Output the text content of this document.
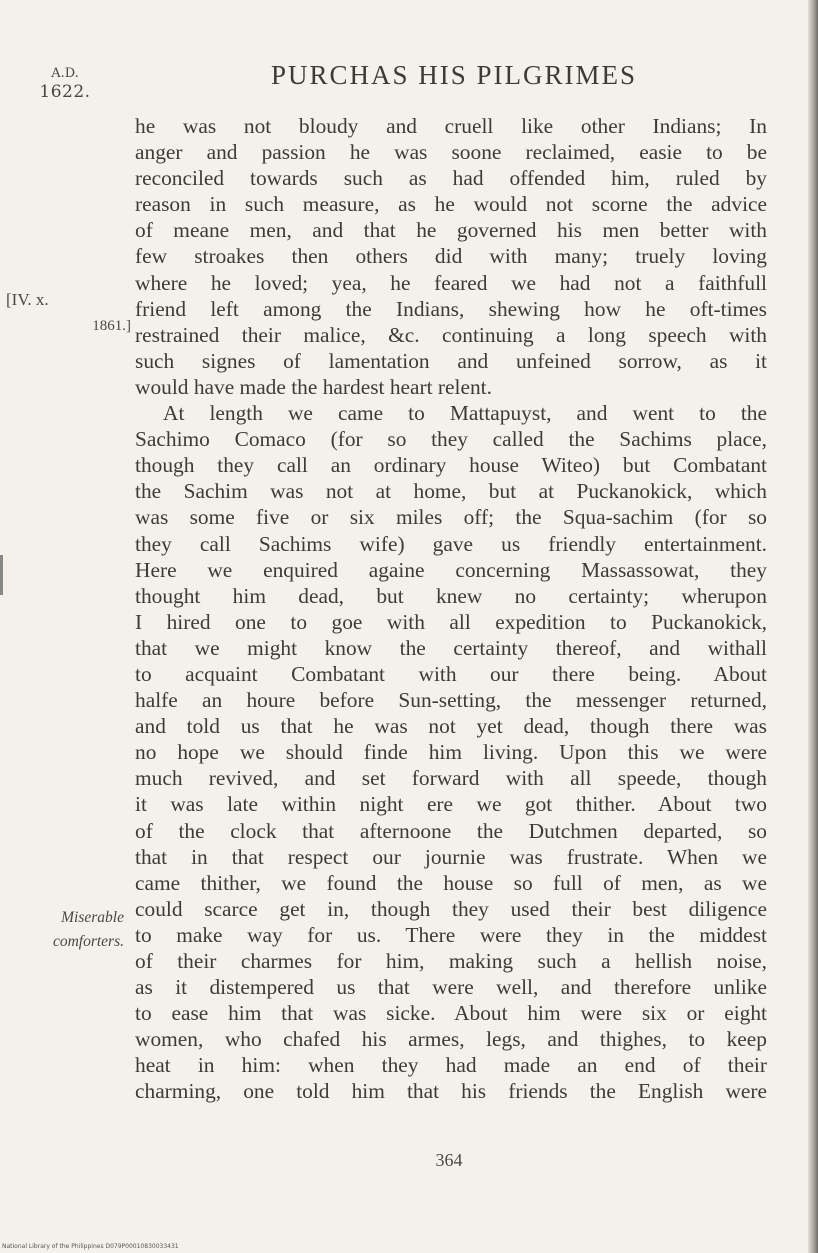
A.D.
1622.
PURCHAS HIS PILGRIMES
[IV. x.
1861.]
Miserable
comforters.
he was not bloudy and cruell like other Indians; In
anger and passion he was soone reclaimed, easie to be
reconciled towards such as had offended him, ruled by
reason in such measure, as he would not scorne the advice
of meane men, and that he governed his men better with
few stroakes then others did with many; truely loving
where he loved; yea, he feared we had not a faithfull
friend left among the Indians, shewing how he oft-times
restrained their malice, &c. continuing a long speech with
such signes of lamentation and unfeined sorrow, as it
would have made the hardest heart relent.
At length we came to Mattapuyst, and went to the
Sachimo Comaco (for so they called the Sachims place,
though they call an ordinary house Witeo) but Combatant
the Sachim was not at home, but at Puckanokick, which
was some five or six miles off; the Squa-sachim (for so
they call Sachims wife) gave us friendly entertainment.
Here we enquired againe concerning Massassowat, they
thought him dead, but knew no certainty; wherupon
I hired one to goe with all expedition to Puckanokick,
that we might know the certainty thereof, and withall
to acquaint Combatant with our there being. About
halfe an houre before Sun-setting, the messenger returned,
and told us that he was not yet dead, though there was
no hope we should finde him living. Upon this we were
much revived, and set forward with all speede, though
it was late within night ere we got thither. About two
of the clock that afternoone the Dutchmen departed, so
that in that respect our journie was frustrate. When we
came thither, we found the house so full of men, as we
could scarce get in, though they used their best diligence
to make way for us. There were they in the middest
of their charmes for him, making such a hellish noise,
as it distempered us that were well, and therefore unlike
to ease him that was sicke. About him were six or eight
women, who chafed his armes, legs, and thighes, to keep
heat in him: when they had made an end of their
charming, one told him that his friends the English were
364
National Library of the Philippines D079P00010830033431
